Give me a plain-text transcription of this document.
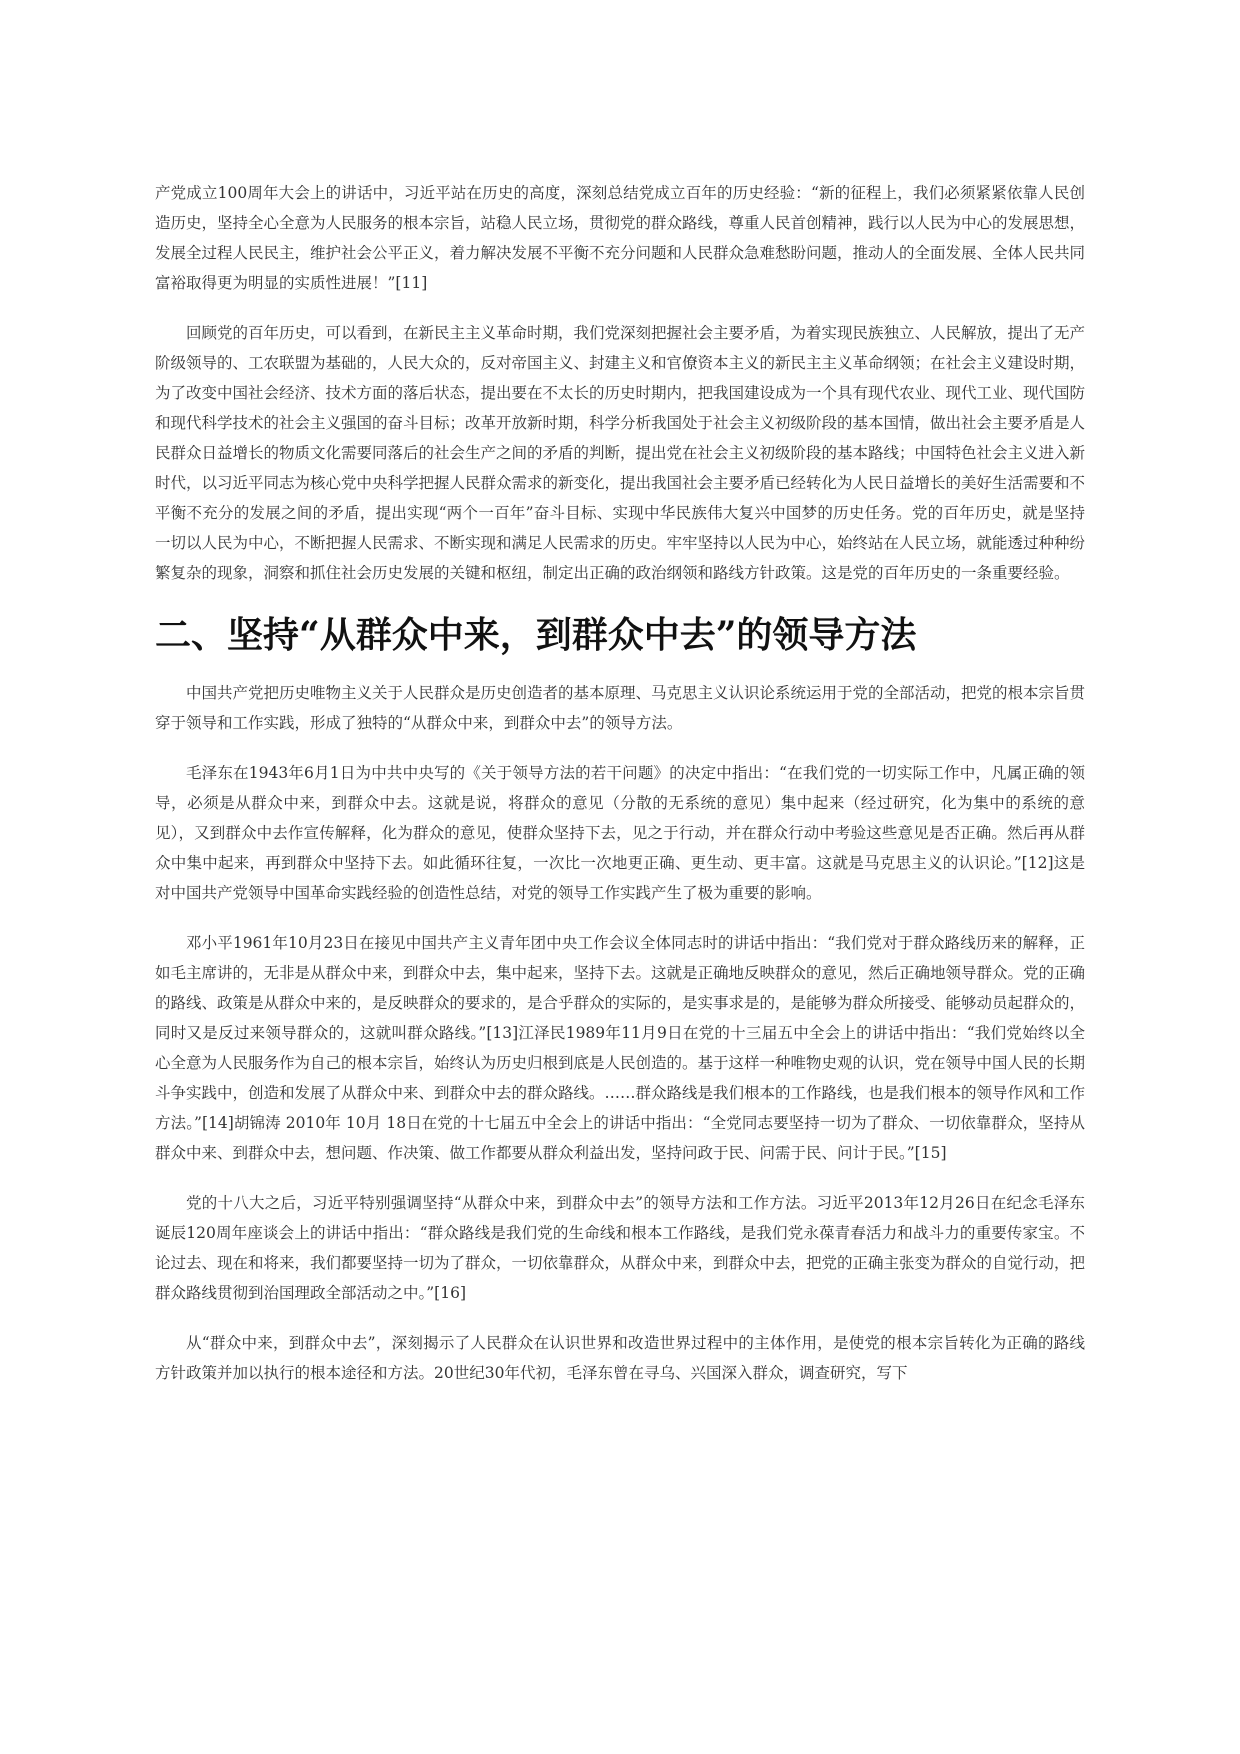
产党成立100周年大会上的讲话中，习近平站在历史的高度，深刻总结党成立百年的历史经验：“新的征程上，我们必须紧紧依靠人民创造历史，坚持全心全意为人民服务的根本宗旨，站稳人民立场，贯彻党的群众路线，尊重人民首创精神，践行以人民为中心的发展思想，发展全过程人民民主，维护社会公平正义，着力解决发展不平衡不充分问题和人民群众急难愁盼问题，推动人的全面发展、全体人民共同富裕取得更为明显的实质性进展！”[11]

回顾党的百年历史，可以看到，在新民主主义革命时期，我们党深刻把握社会主要矛盾，为着实现民族独立、人民解放，提出了无产阶级领导的、工农联盟为基础的，人民大众的，反对帝国主义、封建主义和官僚资本主义的新民主主义革命纲领；在社会主义建设时期，为了改变中国社会经济、技术方面的落后状态，提出要在不太长的历史时期内，把我国建设成为一个具有现代农业、现代工业、现代国防和现代科学技术的社会主义强国的奋斗目标；改革开放新时期，科学分析我国处于社会主义初级阶段的基本国情，做出社会主要矛盾是人民群众日益增长的物质文化需要同落后的社会生产之间的矛盾的判断，提出党在社会主义初级阶段的基本路线；中国特色社会主义进入新时代，以习近平同志为核心党中央科学把握人民群众需求的新变化，提出我国社会主要矛盾已经转化为人民日益增长的美好生活需要和不平衡不充分的发展之间的矛盾，提出实现“两个一百年”奋斗目标、实现中华民族伟大复兴中国梦的历史任务。党的百年历史，就是坚持一切以人民为中心，不断把握人民需求、不断实现和满足人民需求的历史。牢牢坚持以人民为中心，始终站在人民立场，就能透过种种纷繁复杂的现象，洞察和抓住社会历史发展的关键和枢纽，制定出正确的政治纲领和路线方针政策。这是党的百年历史的一条重要经验。

二、坚持“从群众中来，到群众中去”的领导方法

中国共产党把历史唯物主义关于人民群众是历史创造者的基本原理、马克思主义认识论系统运用于党的全部活动，把党的根本宗旨贯穿于领导和工作实践，形成了独特的“从群众中来，到群众中去”的领导方法。

毛泽东在1943年6月1日为中共中央写的《关于领导方法的若干问题》的决定中指出：“在我们党的一切实际工作中，凡属正确的领导，必须是从群众中来，到群众中去。这就是说，将群众的意见（分散的无系统的意见）集中起来（经过研究，化为集中的系统的意见），又到群众中去作宣传解释，化为群众的意见，使群众坚持下去，见之于行动，并在群众行动中考验这些意见是否正确。然后再从群众中集中起来，再到群众中坚持下去。如此循环往复，一次比一次地更正确、更生动、更丰富。这就是马克思主义的认识论。”[12]这是对中国共产党领导中国革命实践经验的创造性总结，对党的领导工作实践产生了极为重要的影响。

邓小平1961年10月23日在接见中国共产主义青年团中央工作会议全体同志时的讲话中指出：“我们党对于群众路线历来的解释，正如毛主席讲的，无非是从群众中来，到群众中去，集中起来，坚持下去。这就是正确地反映群众的意见，然后正确地领导群众。党的正确的路线、政策是从群众中来的，是反映群众的要求的，是合乎群众的实际的，是实事求是的，是能够为群众所接受、能够动员起群众的，同时又是反过来领导群众的，这就叫群众路线。”[13]江泽民1989年11月9日在党的十三届五中全会上的讲话中指出：“我们党始终以全心全意为人民服务作为自己的根本宗旨，始终认为历史归根到底是人民创造的。基于这样一种唯物史观的认识，党在领导中国人民的长期斗争实践中，创造和发展了从群众中来、到群众中去的群众路线。……群众路线是我们根本的工作路线，也是我们根本的领导作风和工作方法。”[14]胡锦涛 2010年 10月 18日在党的十七届五中全会上的讲话中指出：“全党同志要坚持一切为了群众、一切依靠群众，坚持从群众中来、到群众中去，想问题、作决策、做工作都要从群众利益出发，坚持问政于民、问需于民、问计于民。”[15]

党的十八大之后，习近平特别强调坚持“从群众中来，到群众中去”的领导方法和工作方法。习近平2013年12月26日在纪念毛泽东诞辰120周年座谈会上的讲话中指出：“群众路线是我们党的生命线和根本工作路线，是我们党永葆青春活力和战斗力的重要传家宝。不论过去、现在和将来，我们都要坚持一切为了群众，一切依靠群众，从群众中来，到群众中去，把党的正确主张变为群众的自觉行动，把群众路线贯彻到治国理政全部活动之中。”[16]

从“群众中来，到群众中去”，深刻揭示了人民群众在认识世界和改造世界过程中的主体作用，是使党的根本宗旨转化为正确的路线方针政策并加以执行的根本途径和方法。20世纪30年代初，毛泽东曾在寻乌、兴国深入群众，调查研究，写下
